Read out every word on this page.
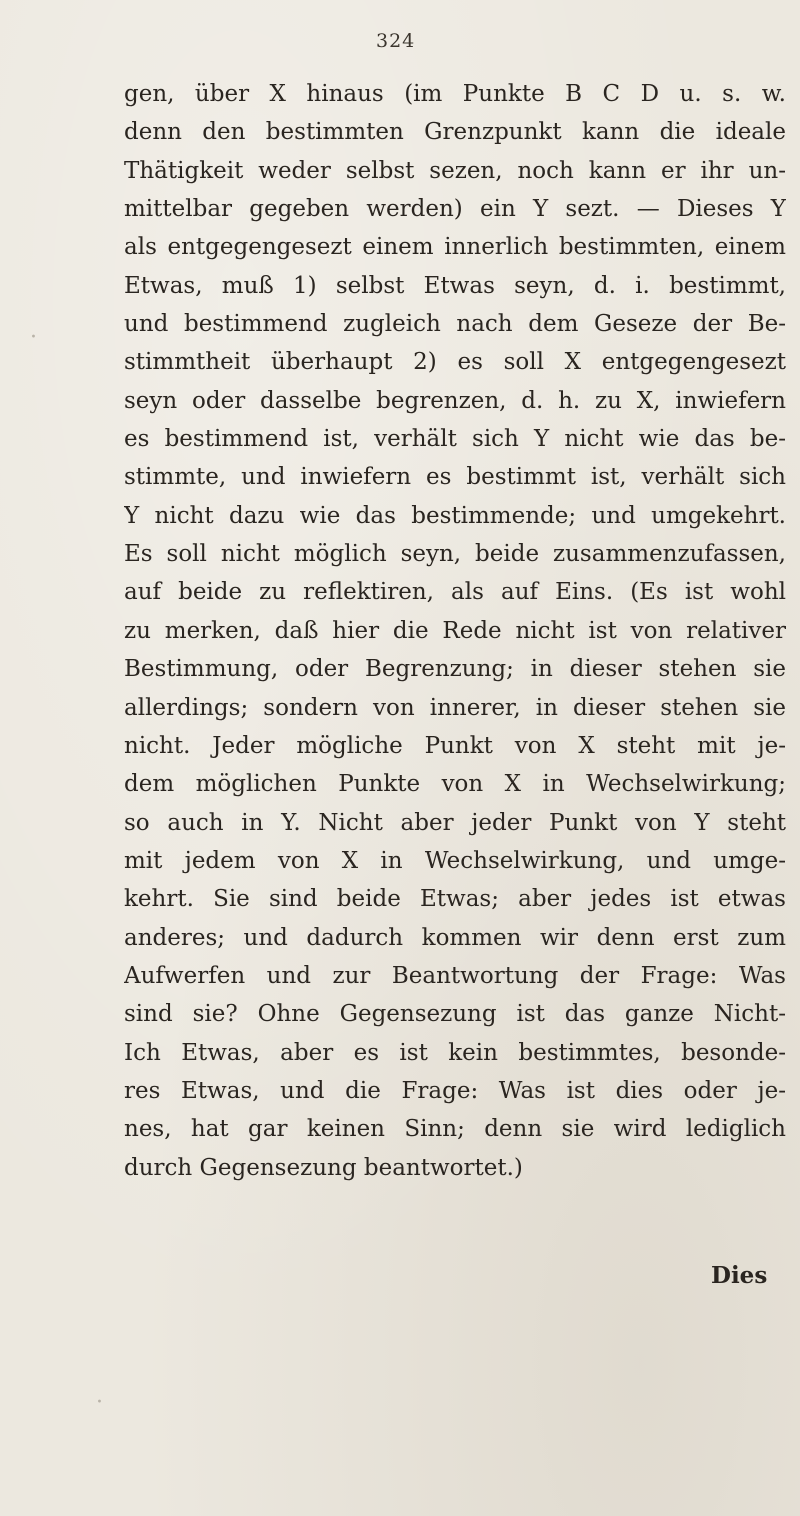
324
·
·
gen, über X hinaus (im Punkte B C D u. s. w.
denn den bestimmten Grenzpunkt kann die ideale
Thätigkeit weder selbst sezen, noch kann er ihr un-
mittelbar gegeben werden) ein Y sezt. — Dieses Y
als entgegengesezt einem innerlich bestimmten, einem
Etwas, muß 1) selbst Etwas seyn, d. i. bestimmt,
und bestimmend zugleich nach dem Geseze der Be-
stimmtheit überhaupt 2) es soll X entgegengesezt
seyn oder dasselbe begrenzen, d. h. zu X, inwiefern
es bestimmend ist, verhält sich Y nicht wie das be-
stimmte, und inwiefern es bestimmt ist, verhält sich
Y nicht dazu wie das bestimmende; und umgekehrt.
Es soll nicht möglich seyn, beide zusammenzufassen,
auf beide zu reflektiren, als auf Eins. (Es ist wohl
zu merken, daß hier die Rede nicht ist von relativer
Bestimmung, oder Begrenzung; in dieser stehen sie
allerdings; sondern von innerer, in dieser stehen sie
nicht. Jeder mögliche Punkt von X steht mit je-
dem möglichen Punkte von X in Wechselwirkung;
so auch in Y. Nicht aber jeder Punkt von Y steht
mit jedem von X in Wechselwirkung, und umge-
kehrt. Sie sind beide Etwas; aber jedes ist etwas
anderes; und dadurch kommen wir denn erst zum
Aufwerfen und zur Beantwortung der Frage: Was
sind sie? Ohne Gegensezung ist das ganze Nicht-
Ich Etwas, aber es ist kein bestimmtes, besonde-
res Etwas, und die Frage: Was ist dies oder je-
nes, hat gar keinen Sinn; denn sie wird lediglich
durch Gegensezung beantwortet.)
Dies
